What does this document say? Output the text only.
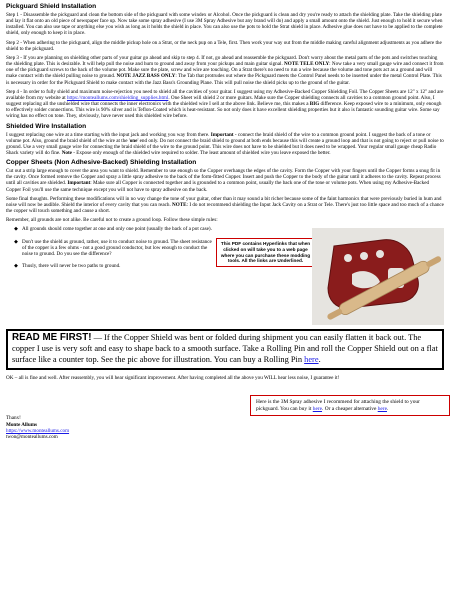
Pickguard Shield Installation

Step 1 - Disassemble the pickguard and clean the bottom side of the pickguard with some windex or Alcohol. Once the pickguard is clean and dry you're ready to attach the shielding plate. Take the shielding plate and lay it flat onto an old piece of newspaper face up. Now take some spray adhesive (I use 3M Spray Adhesive but any brand will do) and apply a small amount onto the shield. Just enough to hold it secure when installed. You can also use tape or anything else you wish as long as it holds the shield in place. You can also use the pots to hold the Strat shield in place. Adhesive glue does not have to be applied to the complete shield, only enough to keep it in place.

Step 2 - When adhering to the pickguard, align the middle pickup hole on a Strat, or the neck pup on a Tele, first. Then work your way out from the middle making careful alignment adjustments as you adhere the shield to the pickguard.

Step 3 - If you are planning on shielding other parts of your guitar go ahead and skip to step 4. If not, go ahead and reassemble the pickguard. Don't worry about the metal parts of the pots and switches touching the shielding plate. This is desirable. It will help pull the noise and hum to ground and away from your pickups and main guitar signal. NOTE TELE ONLY: Now take a very small gauge wire and connect it from one of the pickguard screws to the back of the volume pot. Make sure the plate, screw and wire are touching. On a Strat there's no need to run a wire because the volume and tone pots act as a ground and will make contact with the shield pulling noise to ground. NOTE JAZZ BASS ONLY: The Tab that protrudes out where the Pickguard meets the Control Panel needs to be inserted under the metal Control Plate. This is necessary in order for the Pickguard Shield to make contact with the Jazz Bass's Grounding Plane. This will pull noise the shield picks up to the ground of the guitar.

Step 4 - In order to fully shield and maximum noise-rejection you need to shield all the cavities of your guitar. I suggest using my Adhesive-Backed Copper Shielding Foil. The Copper Sheets are 12" x 12" and are available from my website at https://monteallums.com/shielding_supplies.html. One Sheet will shield 2 or more guitars. Make sure the Copper shielding connects all cavities to a common ground point. Also, I suggest replacing all the unshielded wire that connects the inner electronics with the shielded wire I sell at the above link. Believe me, this makes a BIG difference. Keep exposed wire to a minimum, only enough to effectively solder connections. This wire is 90% silver and is Teflon-Coated which is heat-resistant. So not only does it have excellent shielding properties but it also is fantastic sounding guitar wire. Some say wiring has no effect on tone. They, obviously, have never used this shielded wire before.

Shielded Wire Installation

I suggest replacing one wire at a time starting with the input jack and working you way from there. Important - connect the braid shield of the wire to a common ground point. I suggest the back of a tone or volume pot. Also, ground the braid shield of the wire at the 'one' end only. Do not connect the braid shield to ground at both ends because this will create a ground loop and that is not going to reject or pull noise to ground. Use a very small gauge wire for connecting the braid shield of the wire to the ground point. This wire does not have to be shielded but it does need to be wrapped. Your regular small gauge cheap Radio Shack variety will do fine. Note - Expose only enough of the shielded wire required to solder. The least amount of shielded wire you leave exposed the better.

Copper Sheets (Non Adhesive-Backed) Shielding Installation

Cut out a strip large enough to cover the area you want to shield. Remember to use enough so the Copper overhangs the edges of the cavity. Form the Copper with your fingers until the Copper forms a snug fit in the cavity. Once formed remove the Copper and spray a little spray adhesive to the back of the form-fitted Copper. Insert and push the Copper to the body of the guitar until it adheres to the cavity. Repeat process until all cavities are shielded. Important: Make sure all Copper is connected together and is grounded to a common point, usually the back one of the tone or volume pots. When using my Adhesive-Backed Copper Foil you'll use the same technique except you will not have to spray adhesive on the back.

Some final thoughts. Performing these modifications will in no way change the tone of your guitar, other than it may sound a bit richer because some of the faint harmonics that were previously buried in hum and noise will now be audible. Shield the interior of every cavity that you can reach. NOTE: I do not recommend shielding the Input Jack Cavity on a Strat or Tele. There's just too little space and too much of a chance the copper will touch something and cause a short.

Remember, all grounds are not alike. Be careful not to create a ground loop. Follow these simple rules:

◆ All grounds should come together at one and only one point (usually the back of a pot case).
◆ Don't use the shield as ground, rather, use it to conduct noise to ground. The sheet resistance of the copper is a few ohms - not a good ground conductor, but low enough to conduct the noise to ground. Do you see the difference?
◆ Thusly, there will never be two paths to ground.
This PDF contains Hyperlinks that when clicked on will take you to a web page where you can purchase these modding tools. All the links are Underlined.
READ ME FIRST! — If the Copper Shield was bent or folded during shipment you can easily flatten it back out. The copper I use is very soft and easy to shape back to a smooth surface. Take a Rolling Pin and roll the Copper Shield out on a flat surface like a counter top. See the pic above for illustration. You can buy a Rolling Pin here.
OK – all is fine and well. After reassembly, you will hear significant improvement. After having completed all the above you WILL hear less noise, I guarantee it!
Thanx!
Monte Allums
https://www.monteallums.com
twon@monteallums.com
Here is the 3M Spray adhesive I recommend for attaching the shield to your pickguard. You can buy it here. Or a cheaper alternative here.
